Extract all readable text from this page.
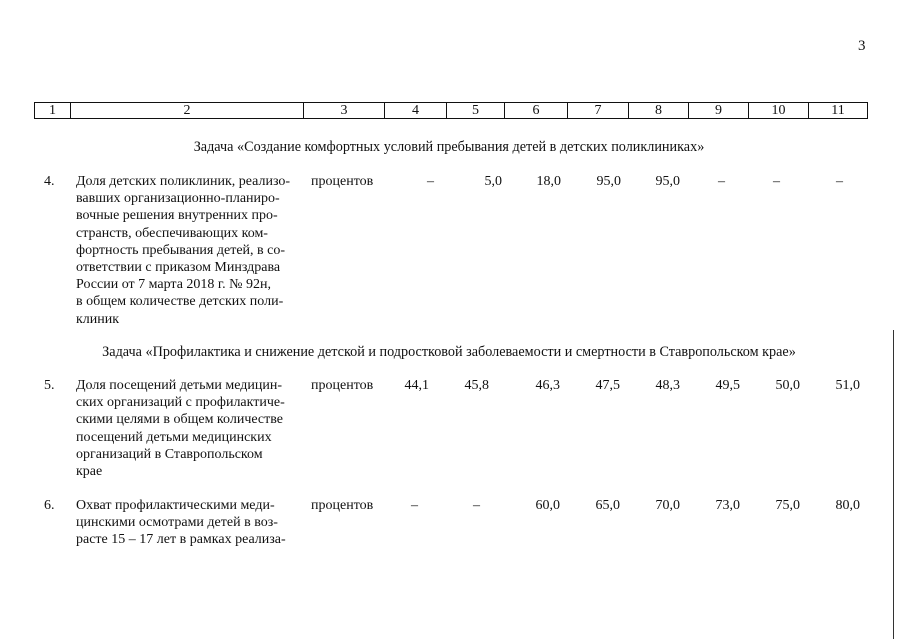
3
1	2	3	4	5	6	7	8	9	10	11
Задача «Создание комфортных условий пребывания детей в детских поликлиниках»
4.	Доля детских поликлиник, реализо-
вавших организационно-планиро-
вочные решения внутренних про-
странств, обеспечивающих ком-
фортность пребывания детей, в со-
ответствии с приказом Минздрава
России от 7 марта 2018 г. № 92н,
в общем количестве детских поли-
клиник
процентов	–	5,0	18,0	95,0	95,0	–	–	–
Задача «Профилактика и снижение детской и подростковой заболеваемости и смертности в Ставропольском крае»
5.	Доля посещений детьми медицин-
ских организаций с профилактиче-
скими целями в общем количестве
посещений детьми медицинских
организаций в Ставропольском
крае
процентов	44,1	45,8	46,3	47,5	48,3	49,5	50,0	51,0
6.	Охват профилактическими меди-
цинскими осмотрами детей в воз-
расте 15 – 17 лет в рамках реализа-
процентов	–	–	60,0	65,0	70,0	73,0	75,0	80,0
